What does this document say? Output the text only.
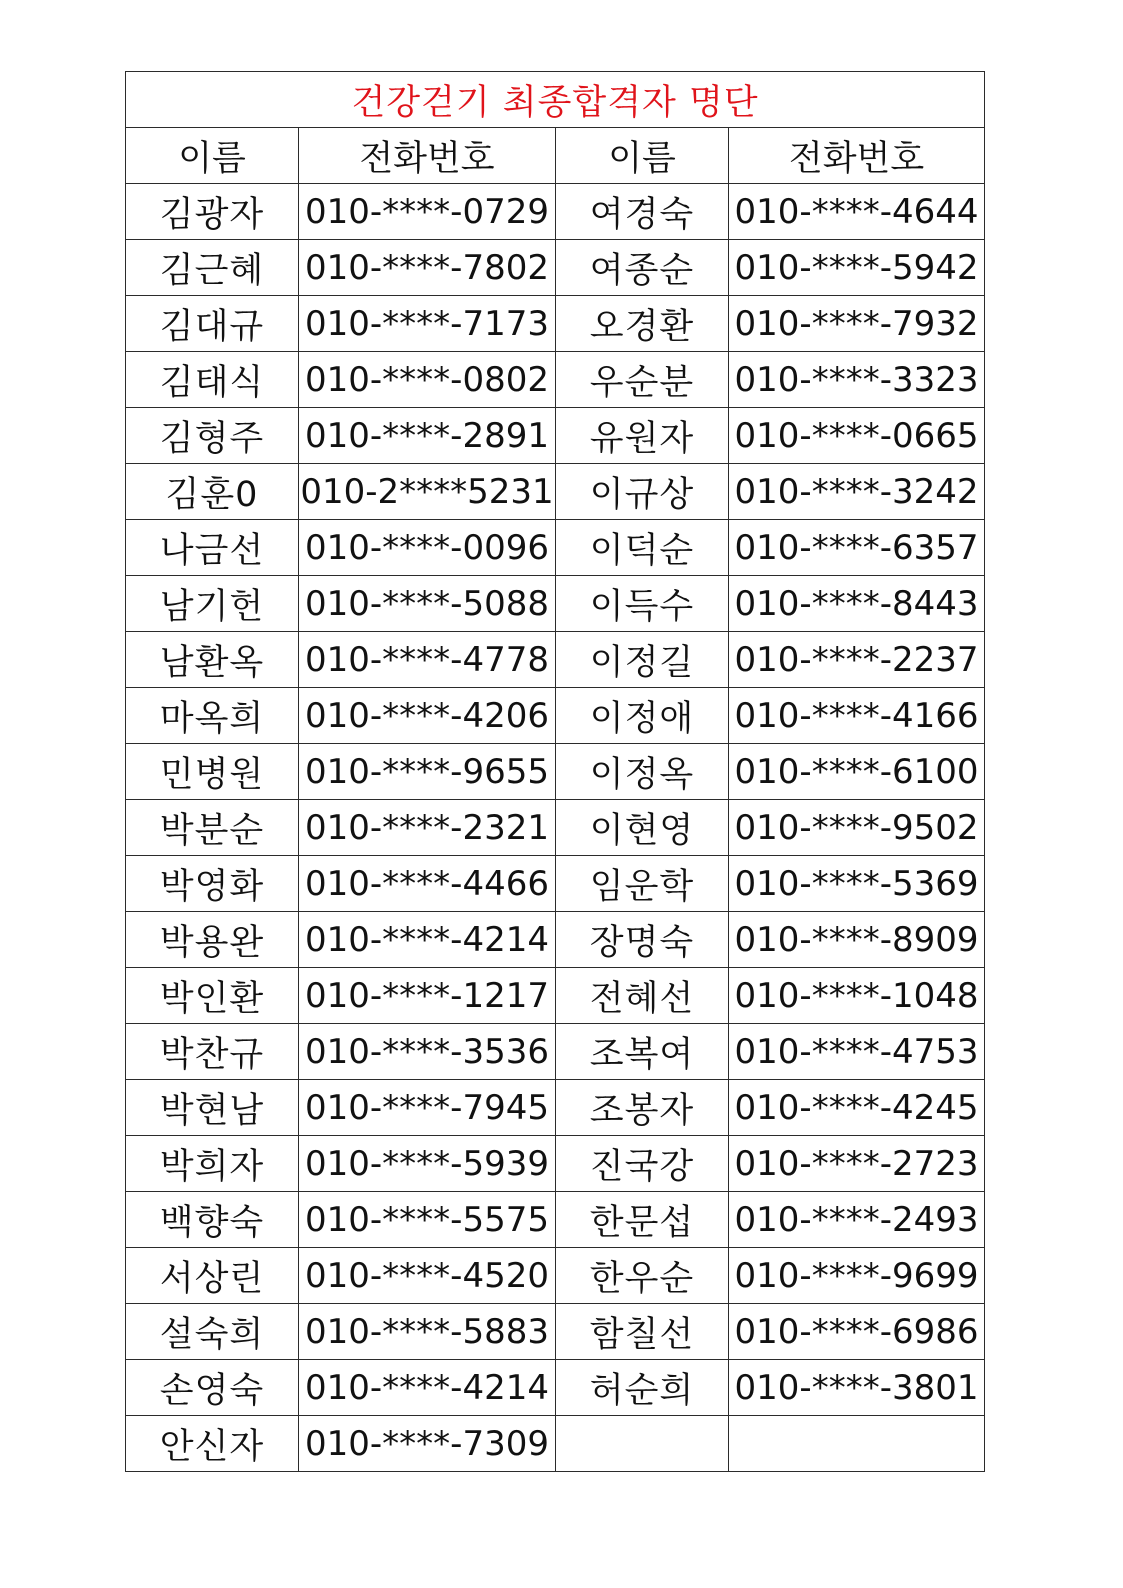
건강걷기 최종합격자 명단			
이름	전화번호	이름	전화번호
김광자	010-****-0729	여경숙	010-****-4644
김근혜	010-****-7802	여종순	010-****-5942
김대규	010-****-7173	오경환	010-****-7932
김태식	010-****-0802	우순분	010-****-3323
김형주	010-****-2891	유원자	010-****-0665
김훈0	010-2****5231	이규상	010-****-3242
나금선	010-****-0096	이덕순	010-****-6357
남기헌	010-****-5088	이득수	010-****-8443
남환옥	010-****-4778	이정길	010-****-2237
마옥희	010-****-4206	이정애	010-****-4166
민병원	010-****-9655	이정옥	010-****-6100
박분순	010-****-2321	이현영	010-****-9502
박영화	010-****-4466	임운학	010-****-5369
박용완	010-****-4214	장명숙	010-****-8909
박인환	010-****-1217	전혜선	010-****-1048
박찬규	010-****-3536	조복여	010-****-4753
박현남	010-****-7945	조봉자	010-****-4245
박희자	010-****-5939	진국강	010-****-2723
백향숙	010-****-5575	한문섭	010-****-2493
서상린	010-****-4520	한우순	010-****-9699
설숙희	010-****-5883	함칠선	010-****-6986
손영숙	010-****-4214	허순희	010-****-3801
안신자	010-****-7309		
